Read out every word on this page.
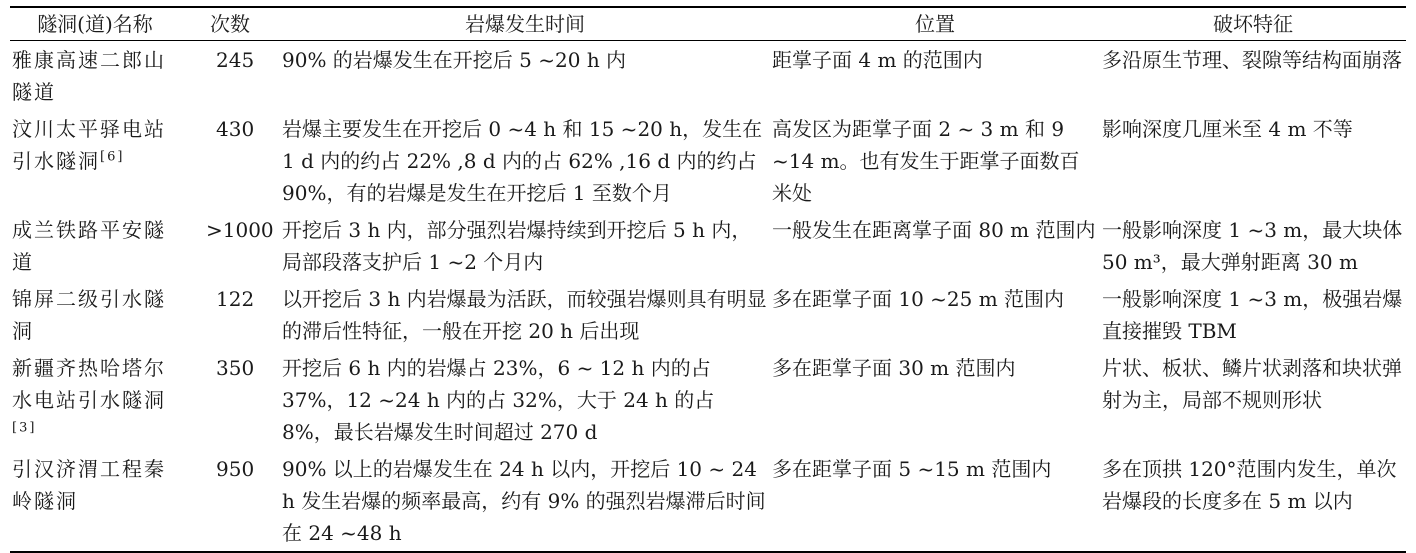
隧洞(道)名称	次数	岩爆发生时间	位置	破坏特征
雅康高速二郎山隧道	245	90% 的岩爆发生在开挖后 5 ~20 h 内	距掌子面 4 m 的范围内	多沿原生节理、裂隙等结构面崩落
汶川太平驿电站引水隧洞[6]	430	岩爆主要发生在开挖后 0 ~4 h 和 15 ~20 h，发生在 1 d 内的约占 22% ,8 d 内的占 62% ,16 d 内的约占 90%，有的岩爆是发生在开挖后 1 至数个月	高发区为距掌子面 2 ~ 3 m 和 9 ~14 m。也有发生于距掌子面数百米处	影响深度几厘米至 4 m 不等
成兰铁路平安隧道	>1000	开挖后 3 h 内，部分强烈岩爆持续到开挖后 5 h 内，局部段落支护后 1 ~2 个月内	一般发生在距离掌子面 80 m 范围内	一般影响深度 1 ~3 m，最大块体 50 m³，最大弹射距离 30 m
锦屏二级引水隧洞	122	以开挖后 3 h 内岩爆最为活跃，而较强岩爆则具有明显的滞后性特征，一般在开挖 20 h 后出现	多在距掌子面 10 ~25 m 范围内	一般影响深度 1 ~3 m，极强岩爆直接摧毁 TBM
新疆齐热哈塔尔水电站引水隧洞[3]	350	开挖后 6 h 内的岩爆占 23%，6 ~ 12 h 内的占 37%，12 ~24 h 内的占 32%，大于 24 h 的占 8%，最长岩爆发生时间超过 270 d	多在距掌子面 30 m 范围内	片状、板状、鳞片状剥落和块状弹射为主，局部不规则形状
引汉济渭工程秦岭隧洞	950	90% 以上的岩爆发生在 24 h 以内，开挖后 10 ~ 24 h 发生岩爆的频率最高，约有 9% 的强烈岩爆滞后时间在 24 ~48 h	多在距掌子面 5 ~15 m 范围内	多在顶拱 120°范围内发生，单次岩爆段的长度多在 5 m 以内
